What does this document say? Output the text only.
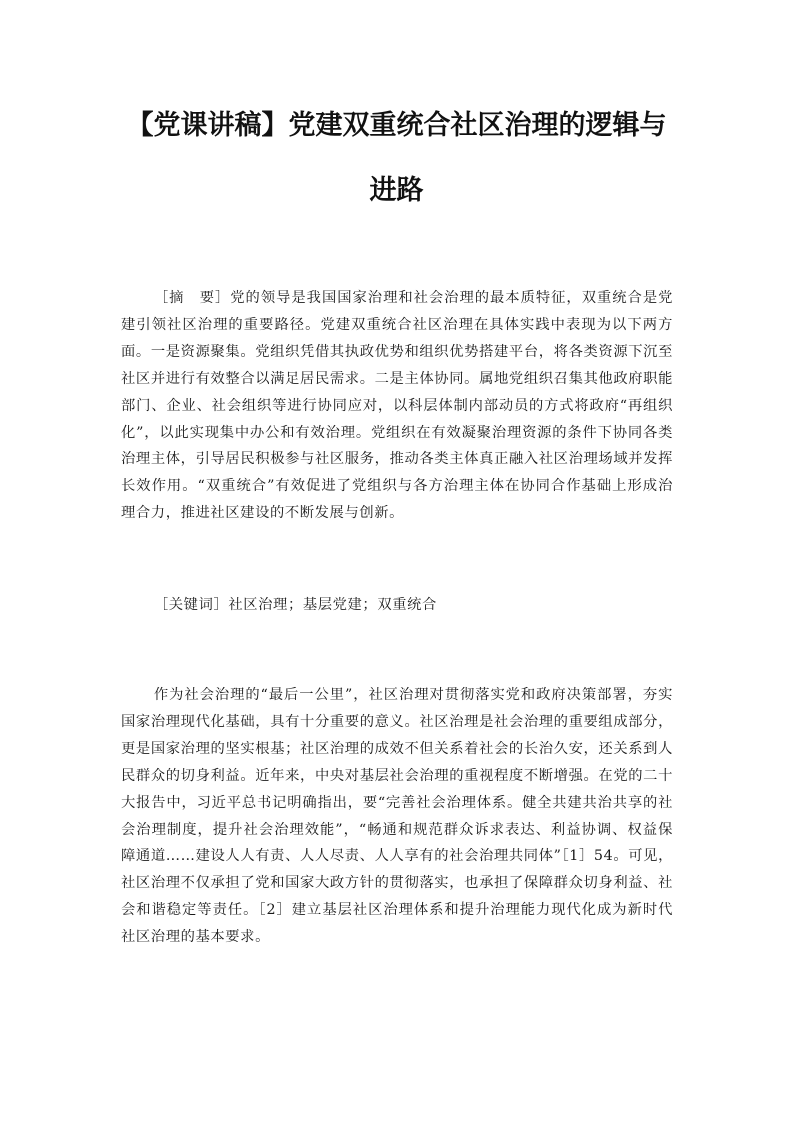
【党课讲稿】党建双重统合社区治理的逻辑与
进路

［摘　要］党的领导是我国国家治理和社会治理的最本质特征，双重统合是党建引领社区治理的重要路径。党建双重统合社区治理在具体实践中表现为以下两方面。一是资源聚集。党组织凭借其执政优势和组织优势搭建平台，将各类资源下沉至社区并进行有效整合以满足居民需求。二是主体协同。属地党组织召集其他政府职能部门、企业、社会组织等进行协同应对，以科层体制内部动员的方式将政府“再组织化”，以此实现集中办公和有效治理。党组织在有效凝聚治理资源的条件下协同各类治理主体，引导居民积极参与社区服务，推动各类主体真正融入社区治理场域并发挥长效作用。“双重统合”有效促进了党组织与各方治理主体在协同合作基础上形成治理合力，推进社区建设的不断发展与创新。

［关键词］社区治理；基层党建；双重统合

作为社会治理的“最后一公里”，社区治理对贯彻落实党和政府决策部署，夯实国家治理现代化基础，具有十分重要的意义。社区治理是社会治理的重要组成部分，更是国家治理的坚实根基；社区治理的成效不但关系着社会的长治久安，还关系到人民群众的切身利益。近年来，中央对基层社会治理的重视程度不断增强。在党的二十大报告中，习近平总书记明确指出，要“完善社会治理体系。健全共建共治共享的社会治理制度，提升社会治理效能”，“畅通和规范群众诉求表达、利益协调、权益保障通道……建设人人有责、人人尽责、人人享有的社会治理共同体”［1］54。可见，社区治理不仅承担了党和国家大政方针的贯彻落实，也承担了保障群众切身利益、社会和谐稳定等责任。［2］建立基层社区治理体系和提升治理能力现代化成为新时代社区治理的基本要求。
